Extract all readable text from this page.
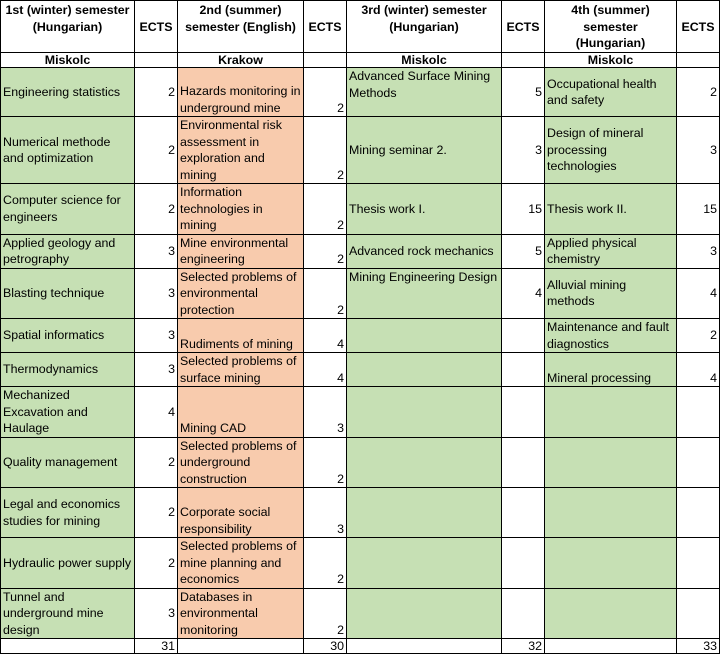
1st (winter) semester (Hungarian)	ECTS	2nd (summer) semester (English)	ECTS	3rd (winter) semester (Hungarian)	ECTS	4th (summer) semester (Hungarian)	ECTS
Miskolc		Krakow		Miskolc		Miskolc	
Engineering statistics	2	Hazards monitoring in underground mine	2	Advanced Surface Mining Methods	5	Occupational health and safety	2
Numerical methode and optimization	2	Environmental risk assessment in exploration and mining	2	Mining seminar 2.	3	Design of mineral processing technologies	3
Computer science for engineers	2	Information technologies in mining	2	Thesis work I.	15	Thesis work II.	15
Applied geology and petrography	3	Mine environmental engineering	2	Advanced rock mechanics	5	Applied physical chemistry	3
Blasting technique	3	Selected problems of environmental protection	2	Mining Engineering Design	4	Alluvial mining methods	4
Spatial informatics	3	Rudiments of mining	4			Maintenance and fault diagnostics	2
Thermodynamics	3	Selected problems of surface mining	4			Mineral processing	4
Mechanized Excavation and Haulage	4	Mining CAD	3				
Quality management	2	Selected problems of underground construction	2				
Legal and economics studies for mining	2	Corporate social responsibility	3				
Hydraulic power supply	2	Selected problems of mine planning and economics	2				
Tunnel and underground mine design	3	Databases in environmental monitoring	2				
	31		30		32		33
